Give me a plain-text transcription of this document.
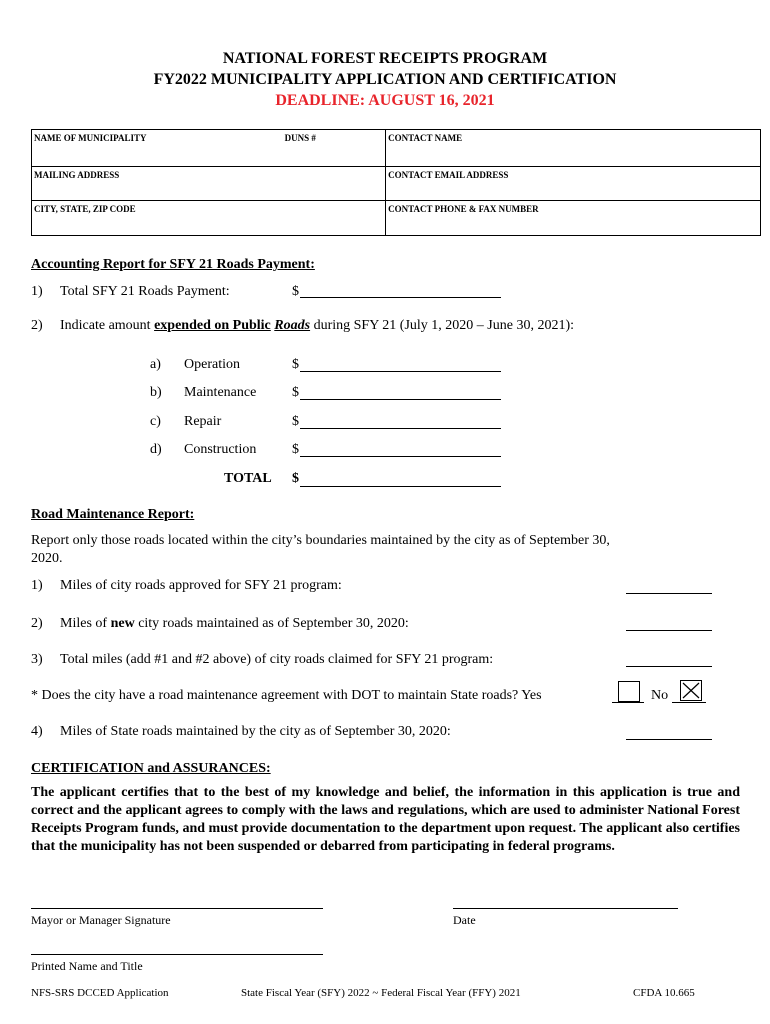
NATIONAL FOREST RECEIPTS PROGRAM
FY2022 MUNICIPALITY APPLICATION AND CERTIFICATION
DEADLINE: AUGUST 16, 2021
NAME OF MUNICIPALITY	DUNS #	CONTACT NAME
MAILING ADDRESS		CONTACT EMAIL ADDRESS
CITY, STATE, ZIP CODE		CONTACT PHONE & FAX NUMBER
Accounting Report for SFY 21 Roads Payment:
1) Total SFY 21 Roads Payment:	$
2) Indicate amount expended on Public Roads during SFY 21 (July 1, 2020 – June 30, 2021):
a) Operation	$
b) Maintenance	$
c) Repair	$
d) Construction	$
TOTAL $
Road Maintenance Report:
Report only those roads located within the city’s boundaries maintained by the city as of September 30,
2020.
1) Miles of city roads approved for SFY 21 program:
2) Miles of new city roads maintained as of September 30, 2020:
3) Total miles (add #1 and #2 above) of city roads claimed for SFY 21 program:
* Does the city have a road maintenance agreement with DOT to maintain State roads? Yes	No
4) Miles of State roads maintained by the city as of September 30, 2020:
CERTIFICATION and ASSURANCES:
The applicant certifies that to the best of my knowledge and belief, the information in this application is true and correct and the applicant agrees to comply with the laws and regulations, which are used to administer National Forest Receipts Program funds, and must provide documentation to the department upon request. The applicant also certifies that the municipality has not been suspended or debarred from participating in federal programs.
Mayor or Manager Signature	Date
Printed Name and Title
NFS-SRS DCCED Application	State Fiscal Year (SFY) 2022 ~ Federal Fiscal Year (FFY) 2021	CFDA 10.665
